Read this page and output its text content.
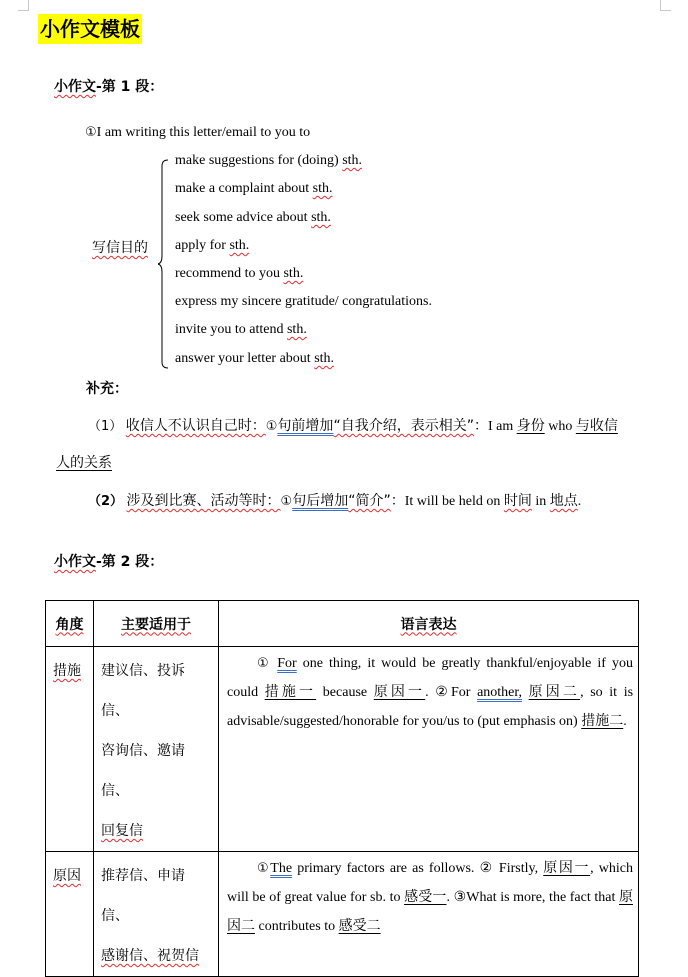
小作文模板
小作文-第 1 段：
①I am writing this letter/email to you to
写信目的
make suggestions for (doing) sth.
make a complaint about sth.
seek some advice about sth.
apply for sth.
recommend to you sth.
express my sincere gratitude/ congratulations.
invite you to attend sth.
answer your letter about sth.
补充：
（1） 收信人不认识自己时：①句前增加“自我介绍，表示相关”：I am 身份 who 与收信
人的关系
（2） 涉及到比赛、活动等时：①句后增加“简介”：It will be held on 时间 in 地点.
小作文-第 2 段：
角度	主要适用于	语言表达
措施	建议信、投诉信、
咨询信、邀请信、
回复信	① For one thing, it would be greatly thankful/enjoyable if you could 措施一 because 原因一. ②For another, 原因二, so it is advisable/suggested/honorable for you/us to (put emphasis on) 措施二.
原因	推荐信、申请信、
感谢信、祝贺信	①The primary factors are as follows. ② Firstly, 原因一, which will be of great value for sb. to 感受一. ③What is more, the fact that 原因二 contributes to 感受二
